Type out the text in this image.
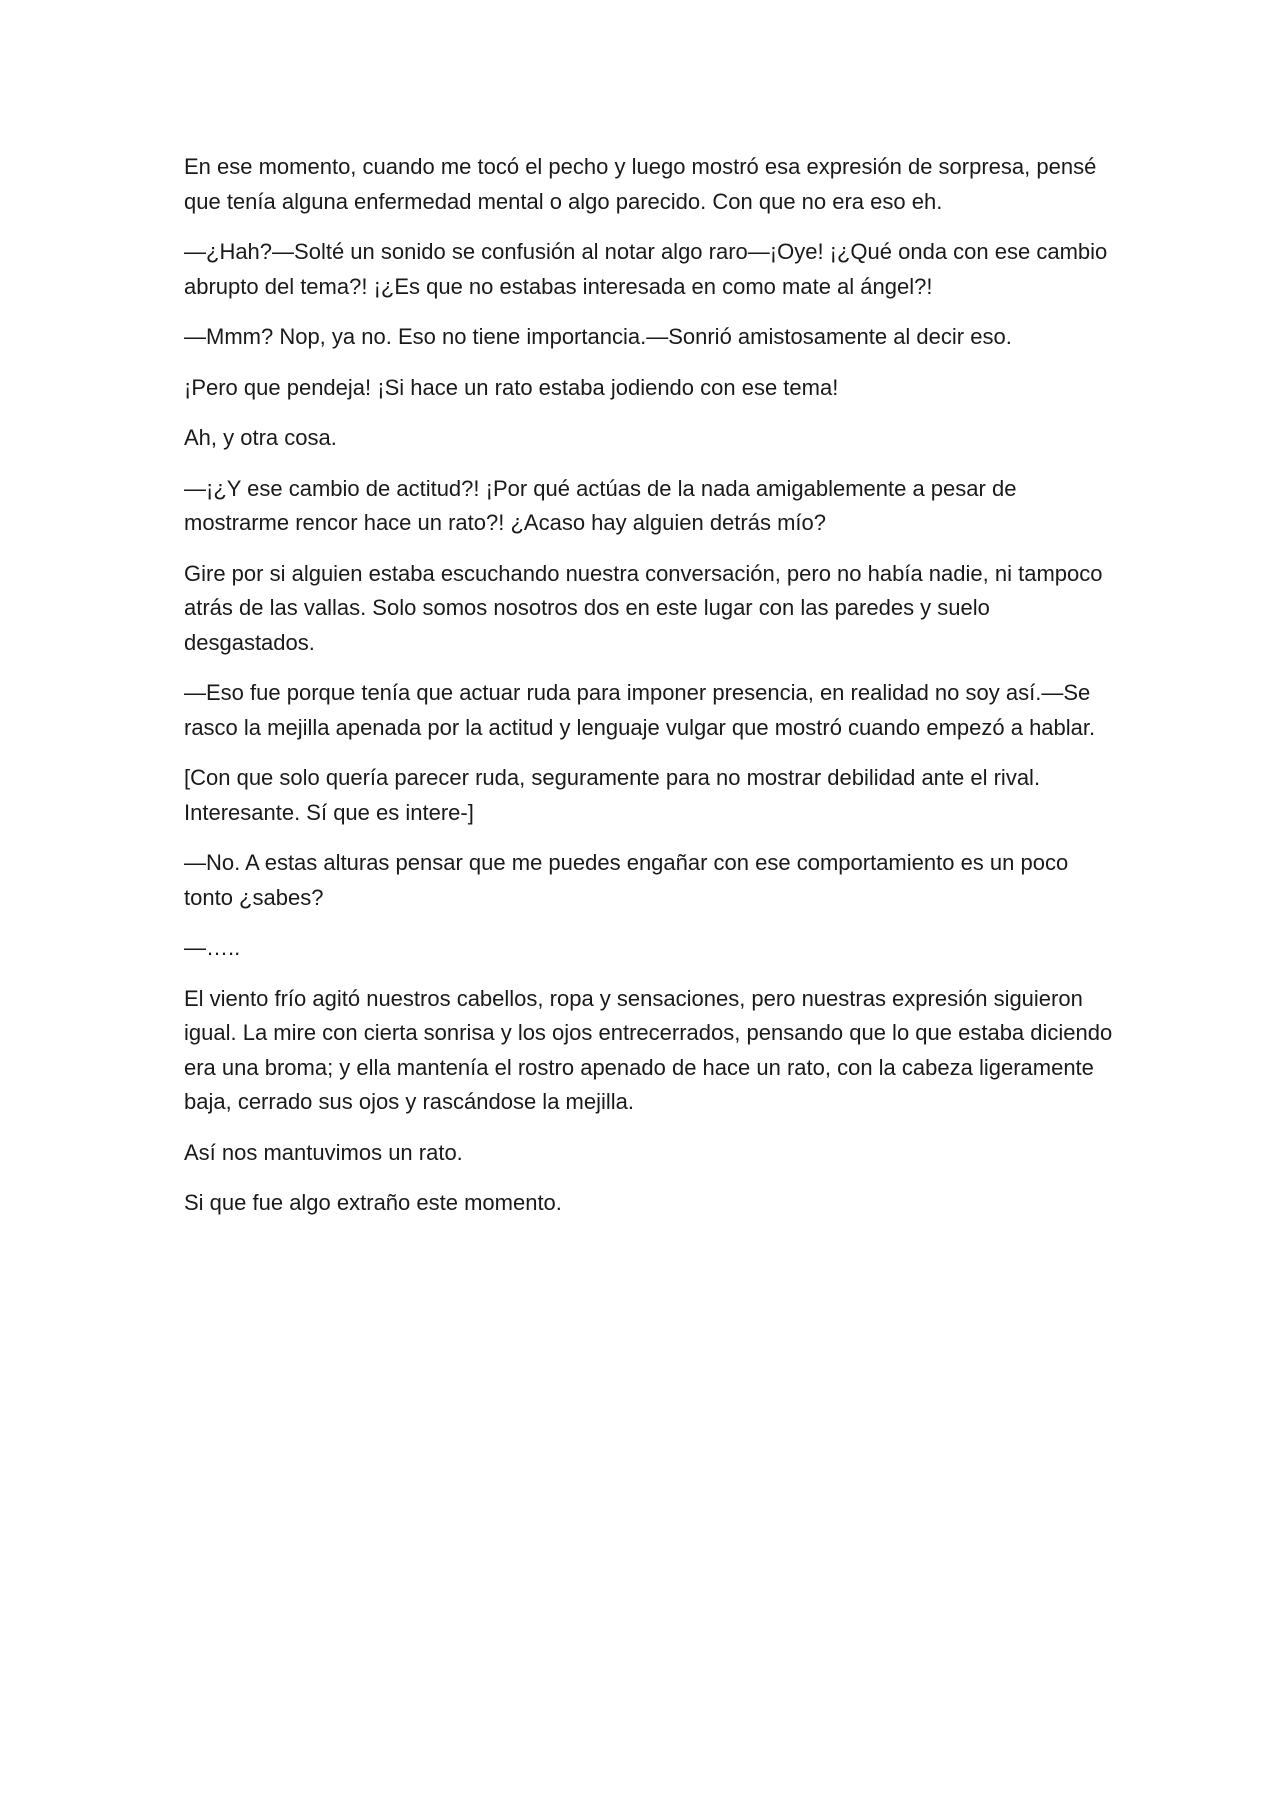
En ese momento, cuando me tocó el pecho y luego mostró esa expresión de sorpresa, pensé que tenía alguna enfermedad mental o algo parecido. Con que no era eso eh.

—¿Hah?—Solté un sonido se confusión al notar algo raro—¡Oye! ¡¿Qué onda con ese cambio abrupto del tema?! ¡¿Es que no estabas interesada en como mate al ángel?!

—Mmm? Nop, ya no. Eso no tiene importancia.—Sonrió amistosamente al decir eso.

¡Pero que pendeja! ¡Si hace un rato estaba jodiendo con ese tema!

Ah, y otra cosa.

—¡¿Y ese cambio de actitud?! ¡Por qué actúas de la nada amigablemente a pesar de mostrarme rencor hace un rato?! ¿Acaso hay alguien detrás mío?

Gire por si alguien estaba escuchando nuestra conversación, pero no había nadie, ni tampoco atrás de las vallas. Solo somos nosotros dos en este lugar con las paredes y suelo desgastados.

—Eso fue porque tenía que actuar ruda para imponer presencia, en realidad no soy así.—Se rasco la mejilla apenada por la actitud y lenguaje vulgar que mostró cuando empezó a hablar.

[Con que solo quería parecer ruda, seguramente para no mostrar debilidad ante el rival. Interesante. Sí que es intere-]

—No. A estas alturas pensar que me puedes engañar con ese comportamiento es un poco tonto ¿sabes?

—…..

El viento frío agitó nuestros cabellos, ropa y sensaciones, pero nuestras expresión siguieron igual. La mire con cierta sonrisa y los ojos entrecerrados, pensando que lo que estaba diciendo era una broma; y ella mantenía el rostro apenado de hace un rato, con la cabeza ligeramente baja, cerrado sus ojos y rascándose la mejilla.

Así nos mantuvimos un rato.

Si que fue algo extraño este momento.
